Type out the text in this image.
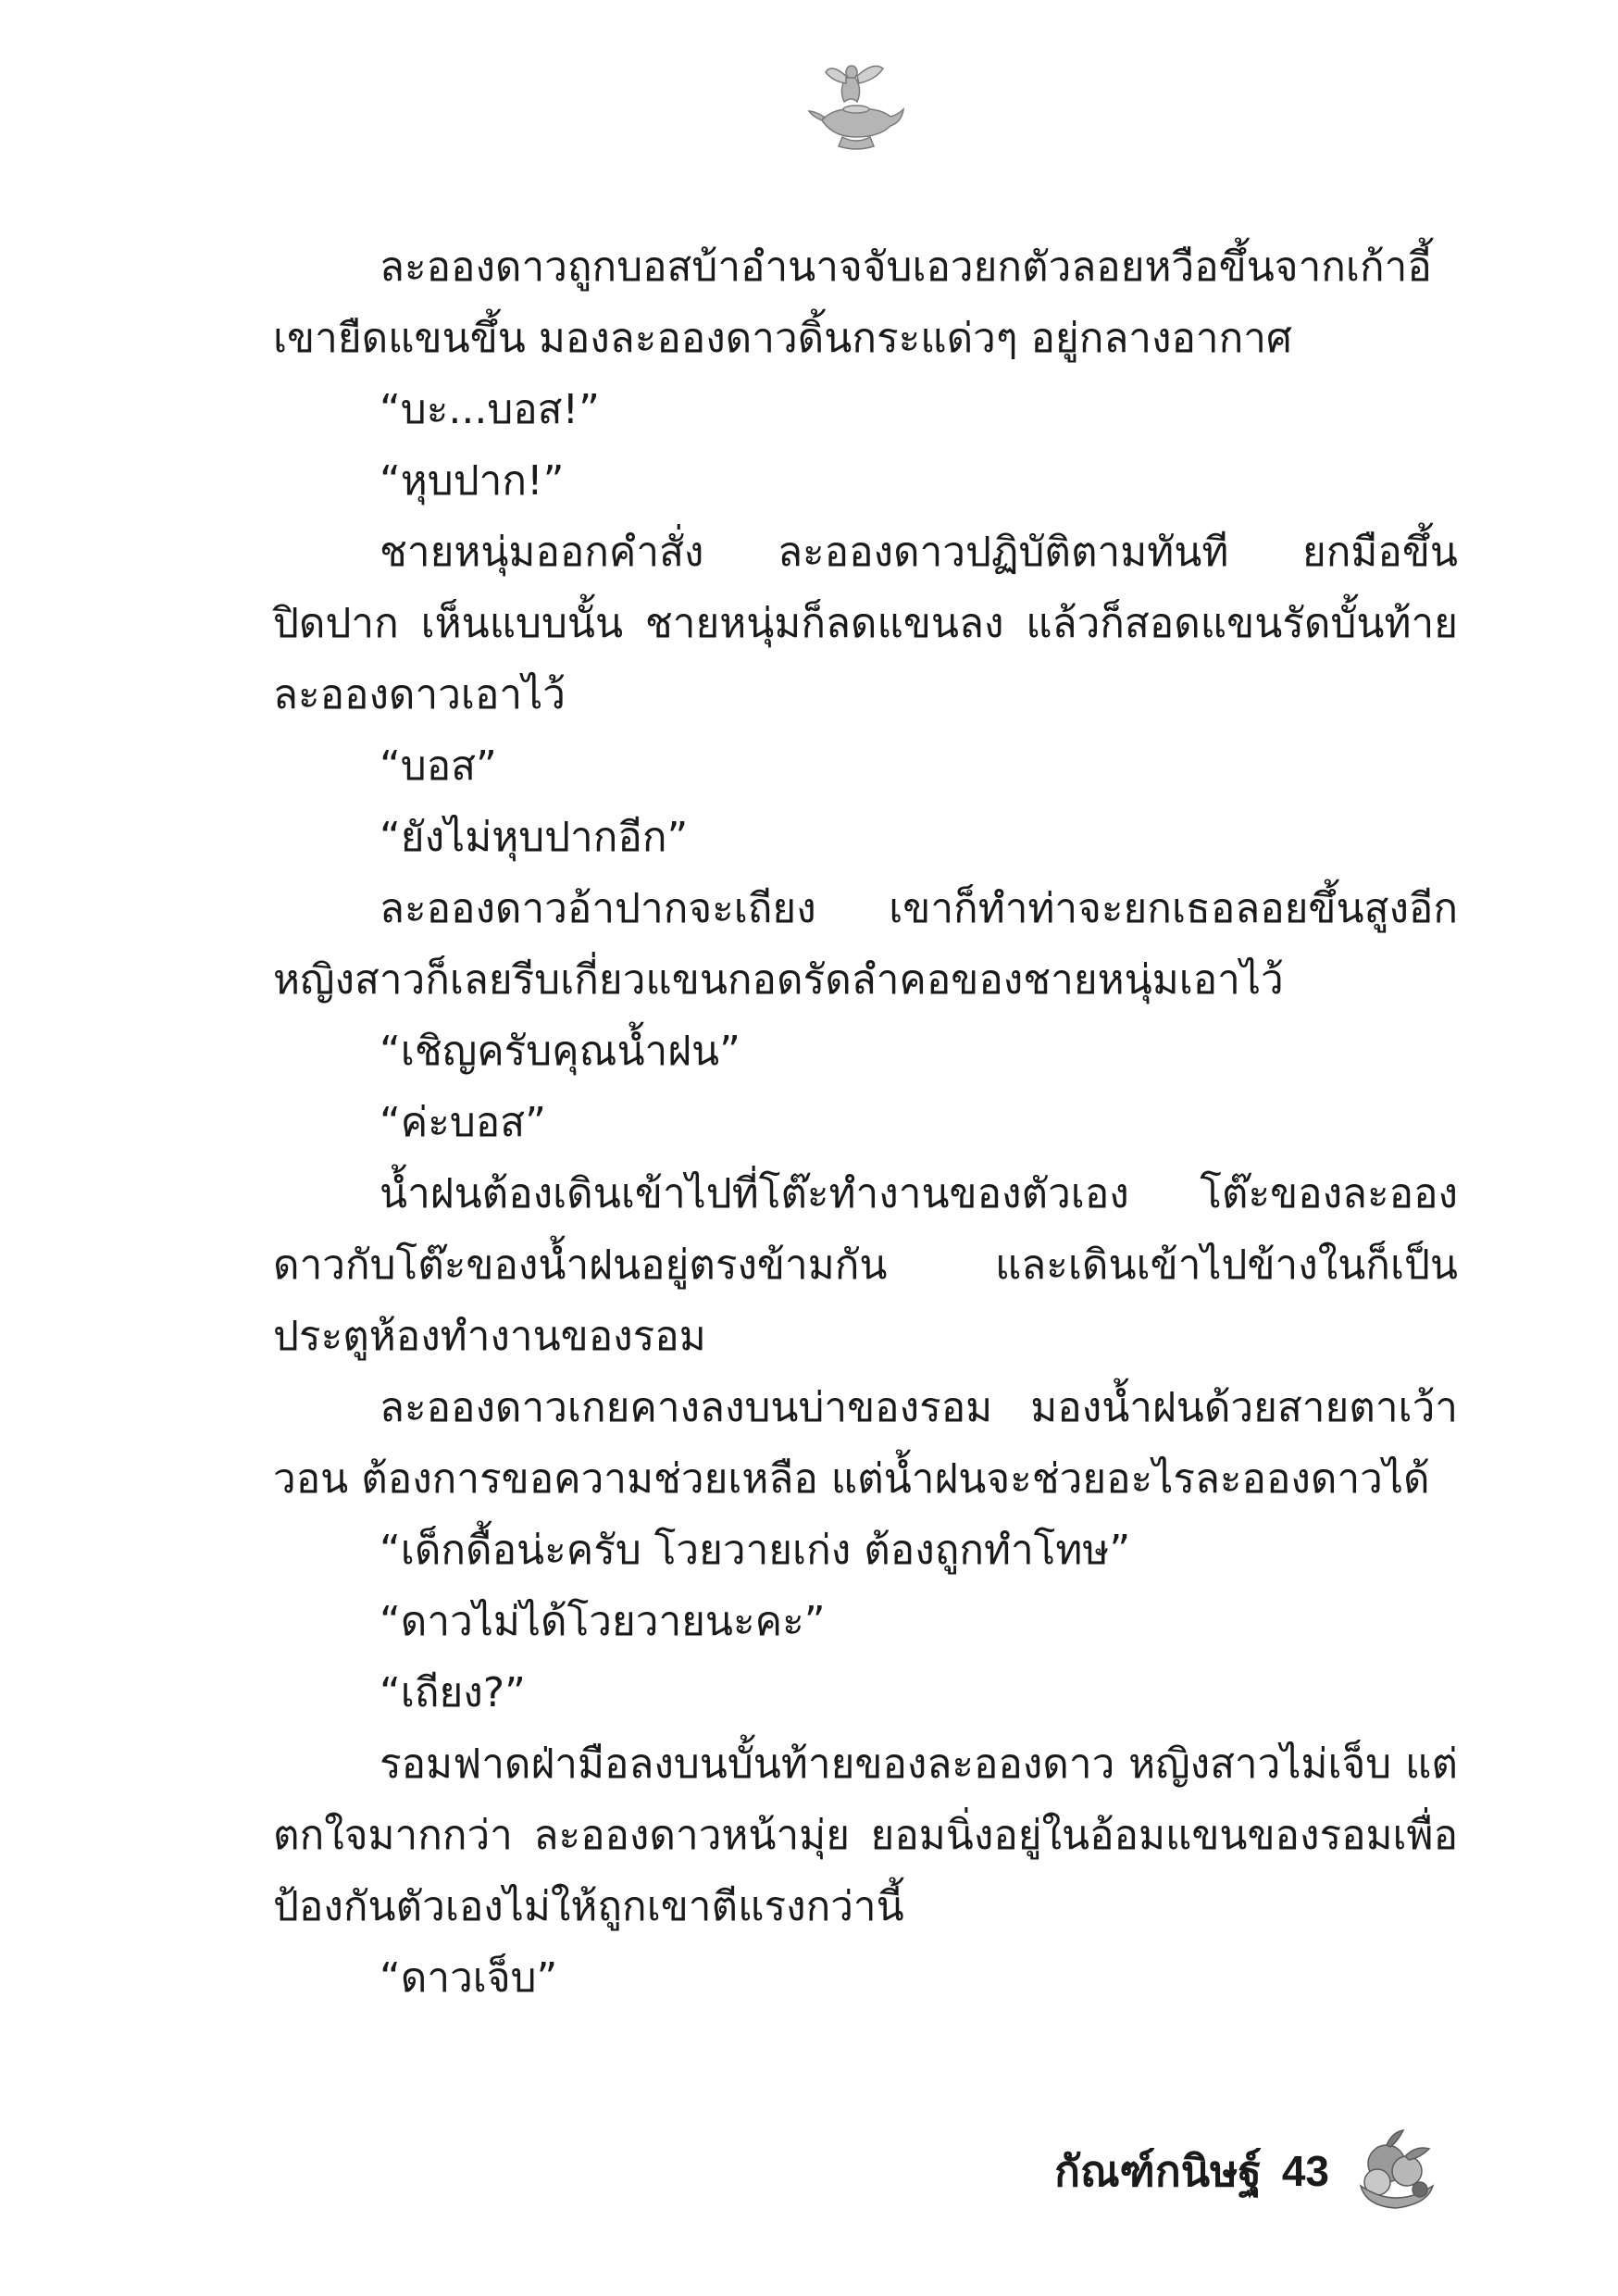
ละอองดาวถูกบอสบ้าอำนาจจับเอวยกตัวลอยหวือขึ้นจากเก้าอี้ เขายืดแขนขึ้น มองละอองดาวดิ้นกระแด่วๆ อยู่กลางอากาศ

“บะ...บอส!”

“หุบปาก!”

ชายหนุ่มออกคำสั่ง ละอองดาวปฏิบัติตามทันที ยกมือขึ้นปิดปาก เห็นแบบนั้น ชายหนุ่มก็ลดแขนลง แล้วก็สอดแขนรัดบั้นท้ายละอองดาวเอาไว้

“บอส”

“ยังไม่หุบปากอีก”

ละอองดาวอ้าปากจะเถียง เขาก็ทำท่าจะยกเธอลอยขึ้นสูงอีก หญิงสาวก็เลยรีบเกี่ยวแขนกอดรัดลำคอของชายหนุ่มเอาไว้

“เชิญครับคุณน้ำฝน”

“ค่ะบอส”

น้ำฝนต้องเดินเข้าไปที่โต๊ะทำงานของตัวเอง โต๊ะของละอองดาวกับโต๊ะของน้ำฝนอยู่ตรงข้ามกัน และเดินเข้าไปข้างในก็เป็นประตูห้องทำงานของรอม

ละอองดาวเกยคางลงบนบ่าของรอม มองน้ำฝนด้วยสายตาเว้าวอน ต้องการขอความช่วยเหลือ แต่น้ำฝนจะช่วยอะไรละอองดาวได้

“เด็กดื้อน่ะครับ โวยวายเก่ง ต้องถูกทำโทษ”

“ดาวไม่ได้โวยวายนะคะ”

“เถียง?”

รอมฟาดฝ่ามือลงบนบั้นท้ายของละอองดาว หญิงสาวไม่เจ็บ แต่ตกใจมากกว่า ละอองดาวหน้ามุ่ย ยอมนิ่งอยู่ในอ้อมแขนของรอมเพื่อป้องกันตัวเองไม่ให้ถูกเขาตีแรงกว่านี้

“ดาวเจ็บ”

กัณฑ์กนิษฐ์ 43
